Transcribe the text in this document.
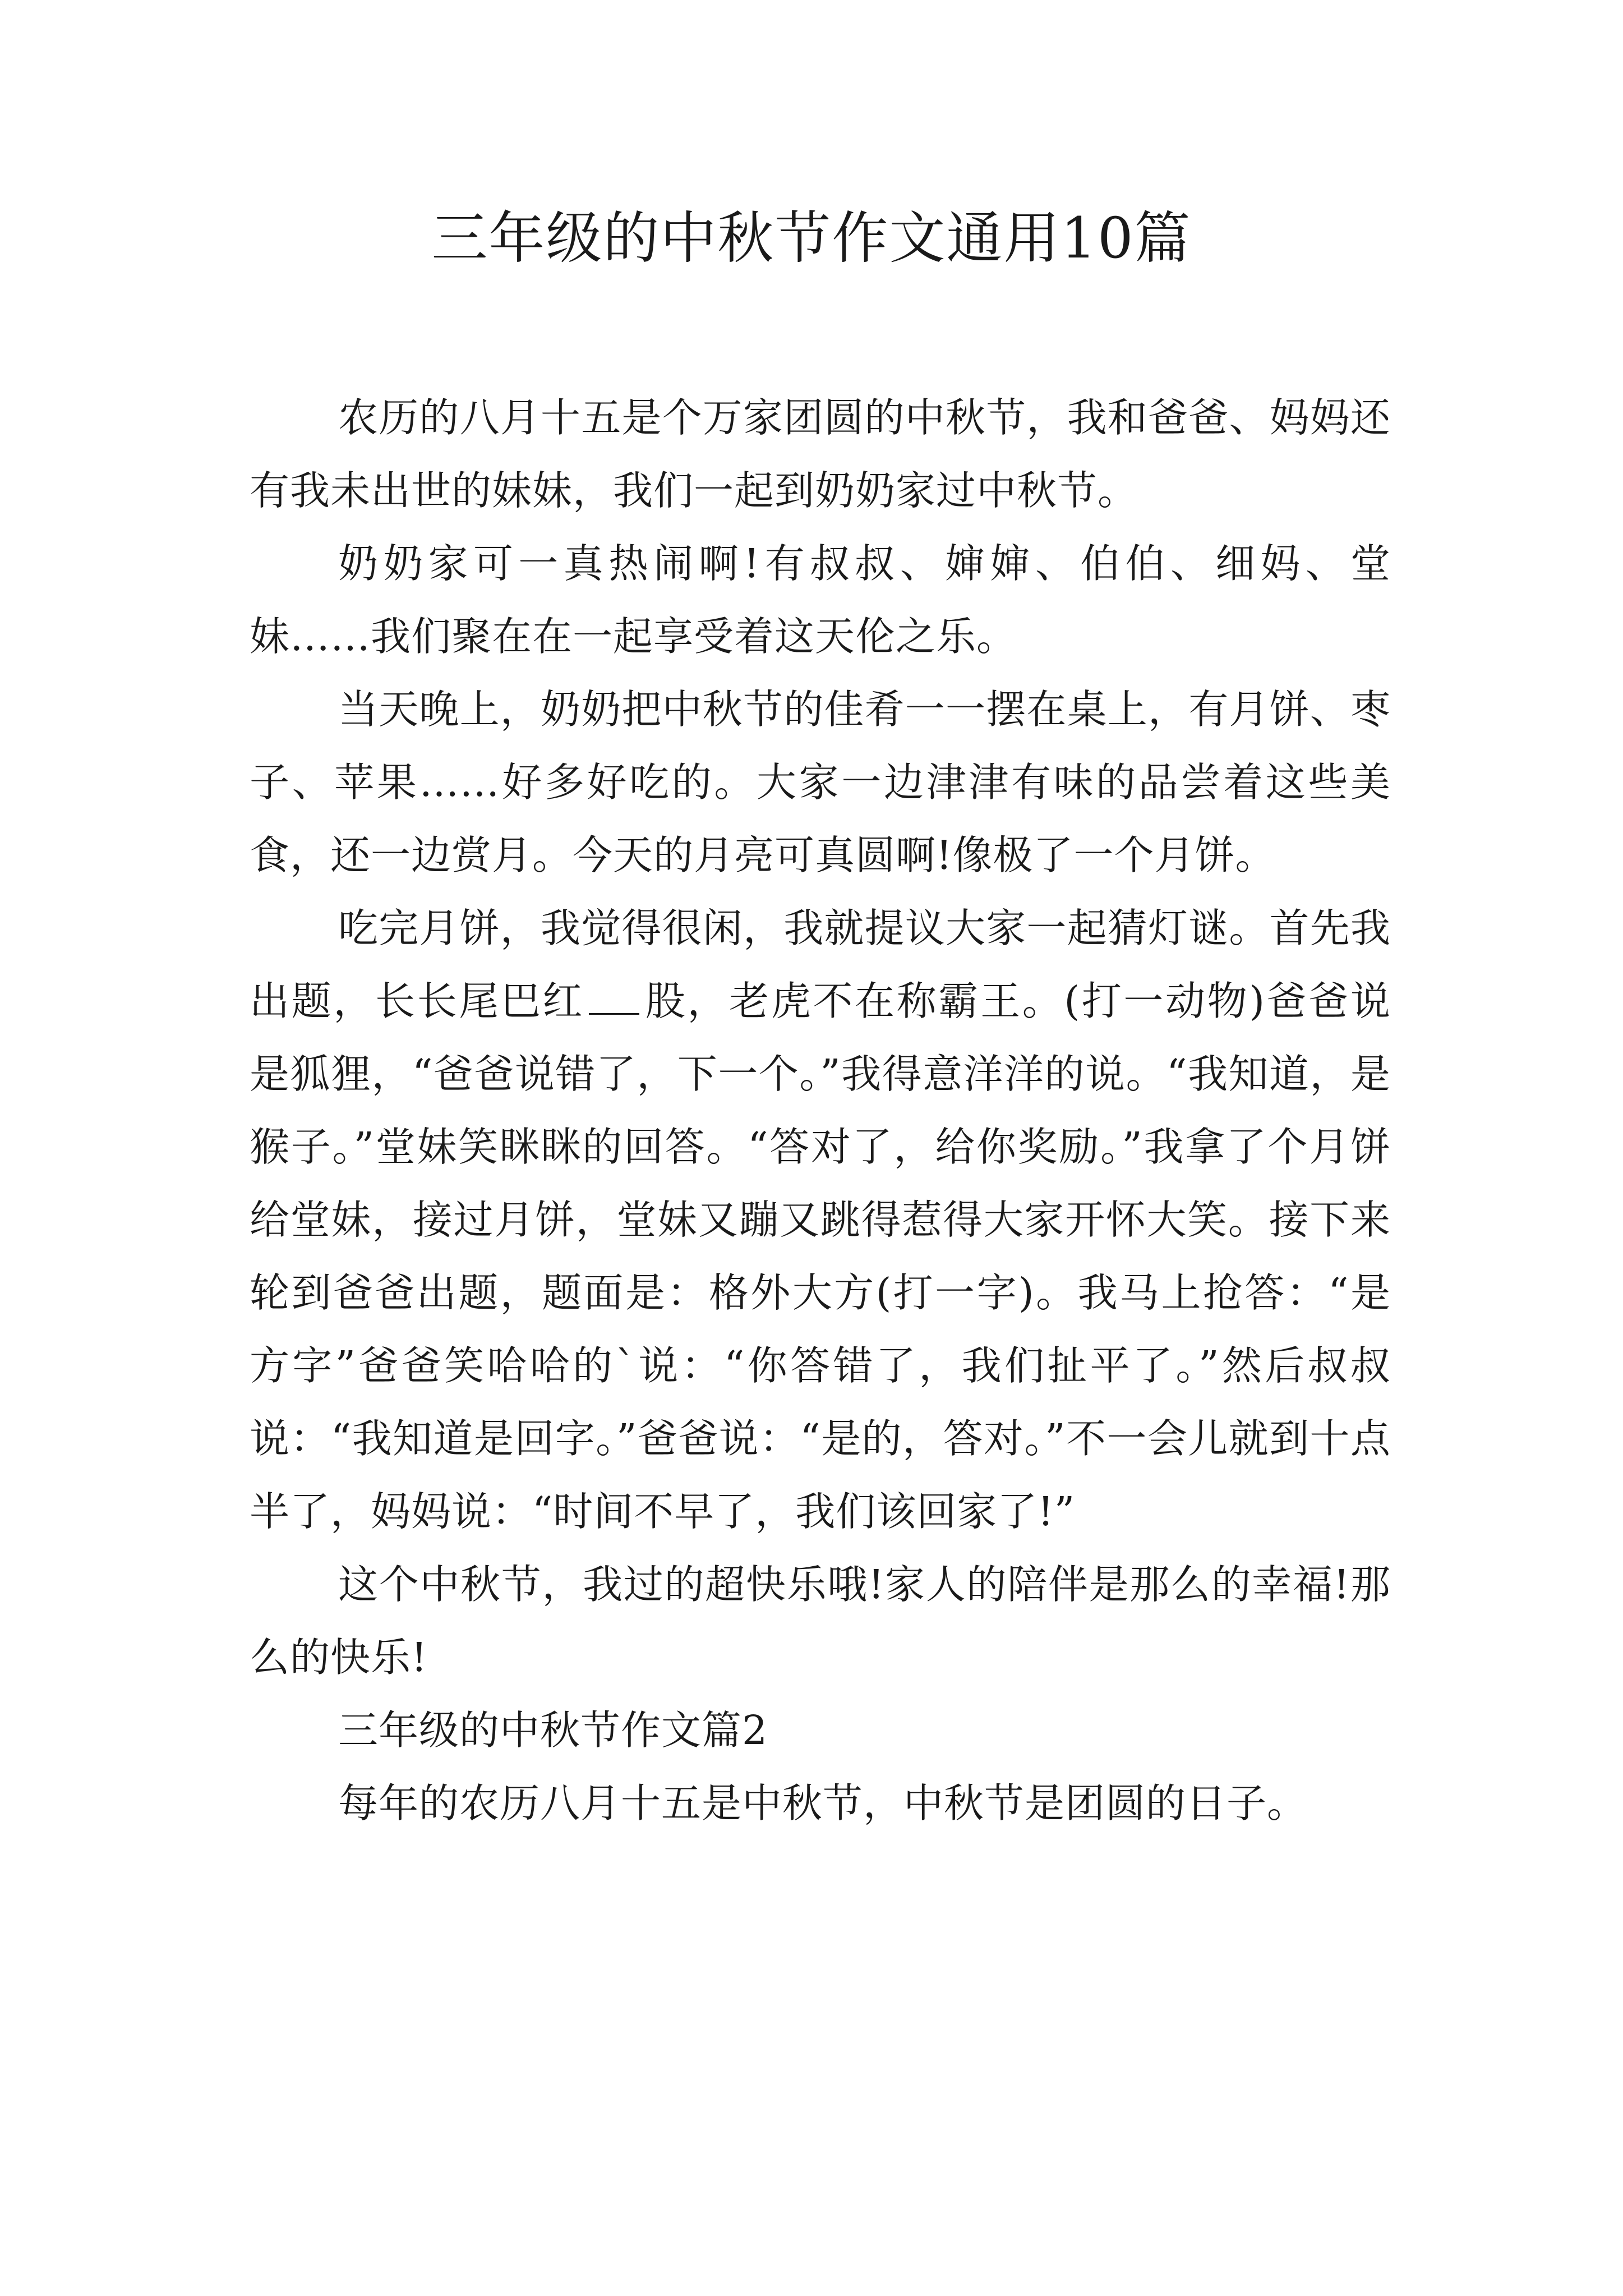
三年级的中秋节作文通用10篇

农历的八月十五是个万家团圆的中秋节，我和爸爸、妈妈还有我未出世的妹妹，我们一起到奶奶家过中秋节。

奶奶家可一真热闹啊!有叔叔、婶婶、伯伯、细妈、堂妹……我们聚在在一起享受着这天伦之乐。

当天晚上，奶奶把中秋节的佳肴一一摆在桌上，有月饼、枣子、苹果……好多好吃的。大家一边津津有味的品尝着这些美食，还一边赏月。今天的月亮可真圆啊!像极了一个月饼。

吃完月饼，我觉得很闲，我就提议大家一起猜灯谜。首先我出题，长长尾巴红 股，老虎不在称霸王。(打一动物)爸爸说是狐狸，“爸爸说错了，下一个。”我得意洋洋的说。“我知道，是猴子。”堂妹笑眯眯的回答。“答对了，给你奖励。”我拿了个月饼给堂妹，接过月饼，堂妹又蹦又跳得惹得大家开怀大笑。接下来轮到爸爸出题，题面是：格外大方(打一字)。我马上抢答：“是方字”爸爸笑哈哈的`说：“你答错了，我们扯平了。”然后叔叔说：“我知道是回字。”爸爸说：“是的，答对。”不一会儿就到十点半了，妈妈说：“时间不早了，我们该回家了!”

这个中秋节，我过的超快乐哦!家人的陪伴是那么的幸福!那么的快乐!

三年级的中秋节作文篇2

每年的农历八月十五是中秋节，中秋节是团圆的日子。
